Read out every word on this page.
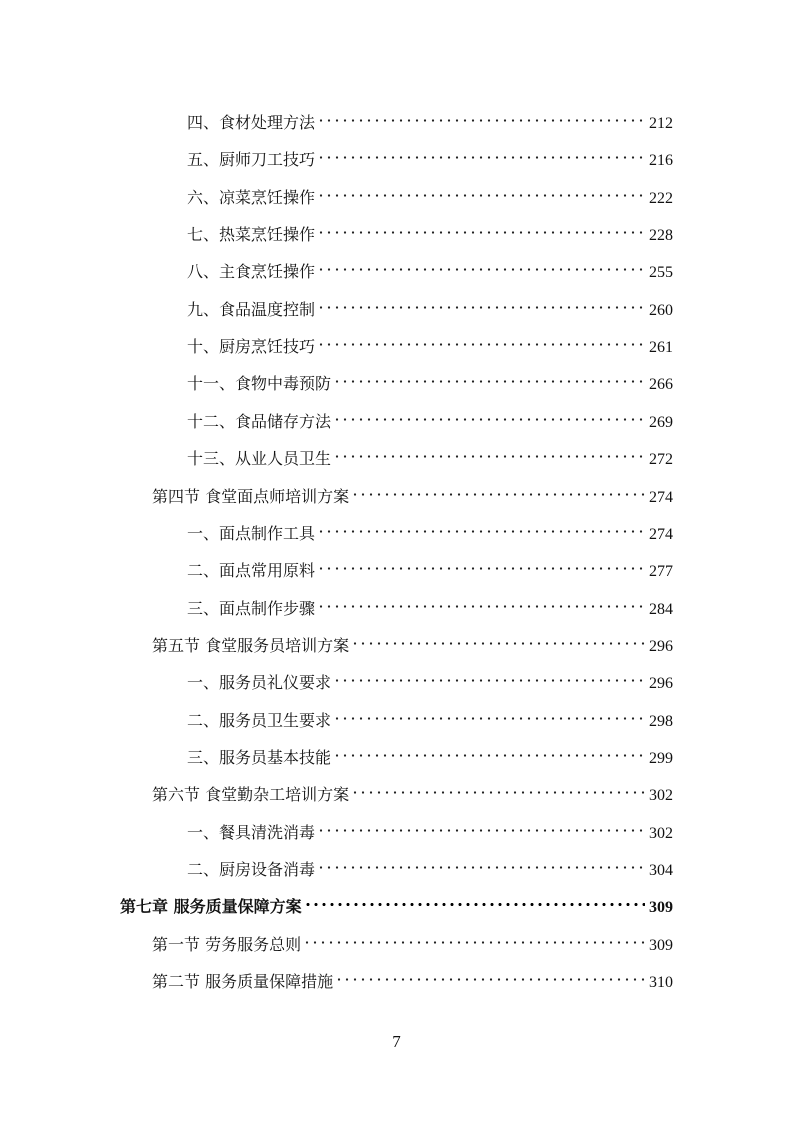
四、食材处理方法	212
五、厨师刀工技巧	216
六、凉菜烹饪操作	222
七、热菜烹饪操作	228
八、主食烹饪操作	255
九、食品温度控制	260
十、厨房烹饪技巧	261
十一、食物中毒预防	266
十二、食品储存方法	269
十三、从业人员卫生	272
第四节 食堂面点师培训方案	274
一、面点制作工具	274
二、面点常用原料	277
三、面点制作步骤	284
第五节 食堂服务员培训方案	296
一、服务员礼仪要求	296
二、服务员卫生要求	298
三、服务员基本技能	299
第六节 食堂勤杂工培训方案	302
一、餐具清洗消毒	302
二、厨房设备消毒	304
第七章 服务质量保障方案	309
第一节 劳务服务总则	309
第二节 服务质量保障措施	310
7
